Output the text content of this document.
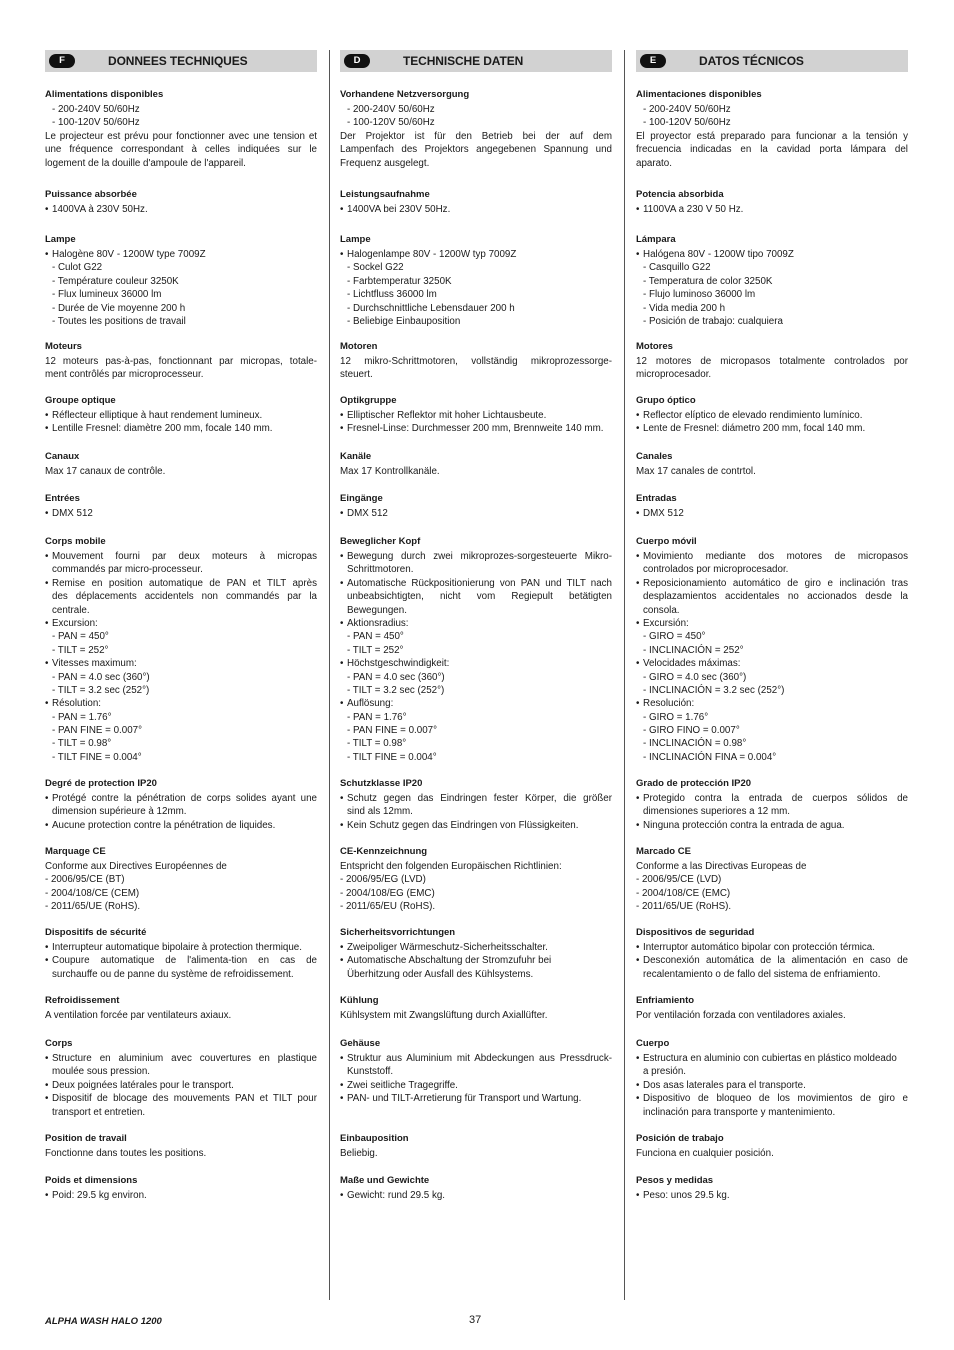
F	DONNEES TECHNIQUES
Alimentations disponibles
- 200-240V 50/60Hz
- 100-120V 50/60Hz
Le projecteur est prévu pour fonctionner avec une tension et
une fréquence correspondant à celles indiquées sur le
logement de la douille d'ampoule de l'appareil.
Puissance absorbée
• 1400VA à 230V 50Hz.
Lampe
• Halogène 80V - 1200W type 7009Z
- Culot G22
- Température couleur 3250K
- Flux lumineux 36000 lm
- Durée de Vie moyenne 200 h
- Toutes les positions de travail
Moteurs
12 moteurs pas-à-pas, fonctionnant par micropas, totale-
ment contrôlés par microprocesseur.
Groupe optique
• Réflecteur elliptique à haut rendement lumineux.
• Lentille Fresnel: diamètre 200 mm, focale 140 mm.
Canaux
Max 17 canaux de contrôle.
Entrées
• DMX 512
Corps mobile
• Mouvement fourni par deux moteurs à micropas
commandés par micro-processeur.
• Remise en position automatique de PAN et TILT après
des déplacements accidentels non commandés par la
centrale.
• Excursion:
- PAN = 450°
- TILT = 252°
• Vitesses maximum:
- PAN = 4.0 sec (360°)
- TILT = 3.2 sec (252°)
• Résolution:
- PAN = 1.76°
- PAN FINE = 0.007°
- TILT = 0.98°
- TILT FINE = 0.004°
Degré de protection IP20
• Protégé contre la pénétration de corps solides ayant une
dimension supérieure à 12mm.
• Aucune protection contre la pénétration de liquides.
Marquage CE
Conforme aux Directives Européennes de
- 2006/95/CE (BT)
- 2004/108/CE (CEM)
- 2011/65/UE (RoHS).
Dispositifs de sécurité
• Interrupteur automatique bipolaire à protection thermique.
• Coupure automatique de l'alimenta-tion en cas de
surchauffe ou de panne du système de refroidissement.
Refroidissement
A ventilation forcée par ventilateurs axiaux.
Corps
• Structure en aluminium avec couvertures en plastique
moulée sous pression.
• Deux poignées latérales pour le transport.
• Dispositif de blocage des mouvements PAN et TILT pour
transport et entretien.
Position de travail
Fonctionne dans toutes les positions.
Poids et dimensions
• Poid: 29.5 kg environ.
D	TECHNISCHE DATEN
Vorhandene Netzversorgung
- 200-240V 50/60Hz
- 100-120V 50/60Hz
Der Projektor ist für den Betrieb bei der auf dem
Lampenfach des Projektors angegebenen Spannung und
Frequenz ausgelegt.
Leistungsaufnahme
• 1400VA bei 230V 50Hz.
Lampe
• Halogenlampe 80V - 1200W typ 7009Z
- Sockel G22
- Farbtemperatur 3250K
- Lichtfluss 36000 lm
- Durchschnittliche Lebensdauer 200 h
- Beliebige Einbauposition
Motoren
12 mikro-Schrittmotoren, vollständig mikroprozessorge-
steuert.
Optikgruppe
• Elliptischer Reflektor mit hoher Lichtausbeute.
• Fresnel-Linse: Durchmesser 200 mm, Brennweite 140 mm.
Kanäle
Max 17 Kontrollkanäle.
Eingänge
• DMX 512
Beweglicher Kopf
• Bewegung durch zwei mikroprozes-sorgesteuerte Mikro-
Schrittmotoren.
• Automatische Rückpositionierung von PAN und TILT nach
unbeabsichtigten, nicht vom Regiepult betätigten
Bewegungen.
• Aktionsradius:
- PAN = 450°
- TILT = 252°
• Höchstgeschwindigkeit:
- PAN = 4.0 sec (360°)
- TILT = 3.2 sec (252°)
• Auflösung:
- PAN = 1.76°
- PAN FINE = 0.007°
- TILT = 0.98°
- TILT FINE = 0.004°
Schutzklasse IP20
• Schutz gegen das Eindringen fester Körper, die größer
sind als 12mm.
• Kein Schutz gegen das Eindringen von Flüssigkeiten.
CE-Kennzeichnung
Entspricht den folgenden Europäischen Richtlinien:
- 2006/95/EG (LVD)
- 2004/108/EG (EMC)
- 2011/65/EU (RoHS).
Sicherheitsvorrichtungen
• Zweipoliger Wärmeschutz-Sicherheitsschalter.
• Automatische Abschaltung der Stromzufuhr bei
Überhitzung oder Ausfall des Kühlsystems.
Kühlung
Kühlsystem mit Zwangslüftung durch Axiallüfter.
Gehäuse
• Struktur aus Aluminium mit Abdeckungen aus Pressdruck-
Kunststoff.
• Zwei seitliche Tragegriffe.
• PAN- und TILT-Arretierung für Transport und Wartung.
Einbauposition
Beliebig.
Maße und Gewichte
• Gewicht: rund 29.5 kg.
E	DATOS TÉCNICOS
Alimentaciones disponibles
- 200-240V 50/60Hz
- 100-120V 50/60Hz
El proyector está preparado para funcionar a la tensión y
frecuencia indicadas en la cavidad porta lámpara del
aparato.
Potencia absorbida
• 1100VA a 230 V 50 Hz.
Lámpara
• Halógena 80V - 1200W tipo 7009Z
- Casquillo G22
- Temperatura de color 3250K
- Flujo luminoso 36000 lm
- Vida media 200 h
- Posición de trabajo: cualquiera
Motores
12 motores de micropasos totalmente controlados por
microprocesador.
Grupo óptico
• Reflector elíptico de elevado rendimiento lumínico.
• Lente de Fresnel: diámetro 200 mm, focal 140 mm.
Canales
Max 17 canales de contrtol.
Entradas
• DMX 512
Cuerpo móvil
• Movimiento mediante dos motores de micropasos
controlados por microprocesador.
• Reposicionamiento automático de giro e inclinación tras
desplazamientos accidentales no accionados desde la
consola.
• Excursión:
- GIRO = 450°
- INCLINACIÓN = 252°
• Velocidades máximas:
- GIRO = 4.0 sec (360°)
- INCLINACIÓN = 3.2 sec (252°)
• Resolución:
- GIRO = 1.76°
- GIRO FINO = 0.007°
- INCLINACIÓN = 0.98°
- INCLINACIÓN FINA = 0.004°
Grado de protección IP20
• Protegido contra la entrada de cuerpos sólidos de
dimensiones superiores a 12 mm.
• Ninguna protección contra la entrada de agua.
Marcado CE
Conforme a las Directivas Europeas de
- 2006/95/CE (LVD)
- 2004/108/CE (EMC)
- 2011/65/UE (RoHS).
Dispositivos de seguridad
• Interruptor automático bipolar con protección térmica.
• Desconexión automática de la alimentación en caso de
recalentamiento o de fallo del sistema de enfriamiento.
Enfriamiento
Por ventilación forzada con ventiladores axiales.
Cuerpo
• Estructura en aluminio con cubiertas en plástico moldeado
a presión.
• Dos asas laterales para el transporte.
• Dispositivo de bloqueo de los movimientos de giro e
inclinación para transporte y mantenimiento.
Posición de trabajo
Funciona en cualquier posición.
Pesos y medidas
• Peso: unos 29.5 kg.
ALPHA WASH HALO 1200	37
